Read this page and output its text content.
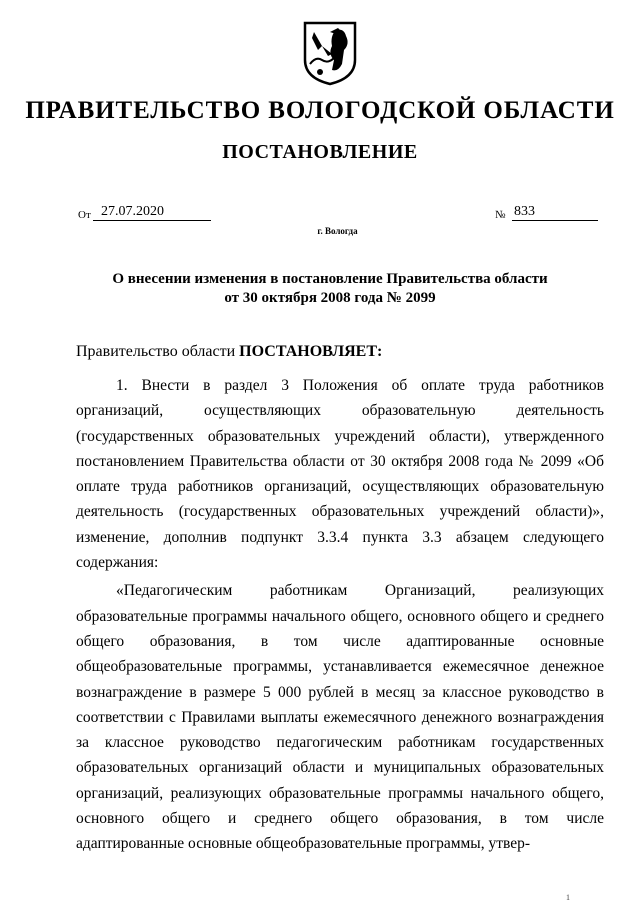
ПРАВИТЕЛЬСТВО ВОЛОГОДСКОЙ ОБЛАСТИ
ПОСТАНОВЛЕНИЕ
От 27.07.2020	№ 833
г. Вологда
О внесении изменения в постановление Правительства области
от 30 октября 2008 года № 2099
Правительство области ПОСТАНОВЛЯЕТ:

1. Внести в раздел 3 Положения об оплате труда работников организаций, осуществляющих образовательную деятельность (государственных образовательных учреждений области), утвержденного постановлением Правительства области от 30 октября 2008 года № 2099 «Об оплате труда работников организаций, осуществляющих образовательную деятельность (государственных образовательных учреждений области)», изменение, дополнив подпункт 3.3.4 пункта 3.3 абзацем следующего содержания:

«Педагогическим работникам Организаций, реализующих образовательные программы начального общего, основного общего и среднего общего образования, в том числе адаптированные основные общеобразовательные программы, устанавливается ежемесячное денежное вознаграждение в размере 5 000 рублей в месяц за классное руководство в соответствии с Правилами выплаты ежемесячного денежного вознаграждения за классное руководство педагогическим работникам государственных образовательных организаций области и муниципальных образовательных организаций, реализующих образовательные программы начального общего, основного общего и среднего общего образования, в том числе адаптированные основные общеобразовательные программы, утвер-

1
